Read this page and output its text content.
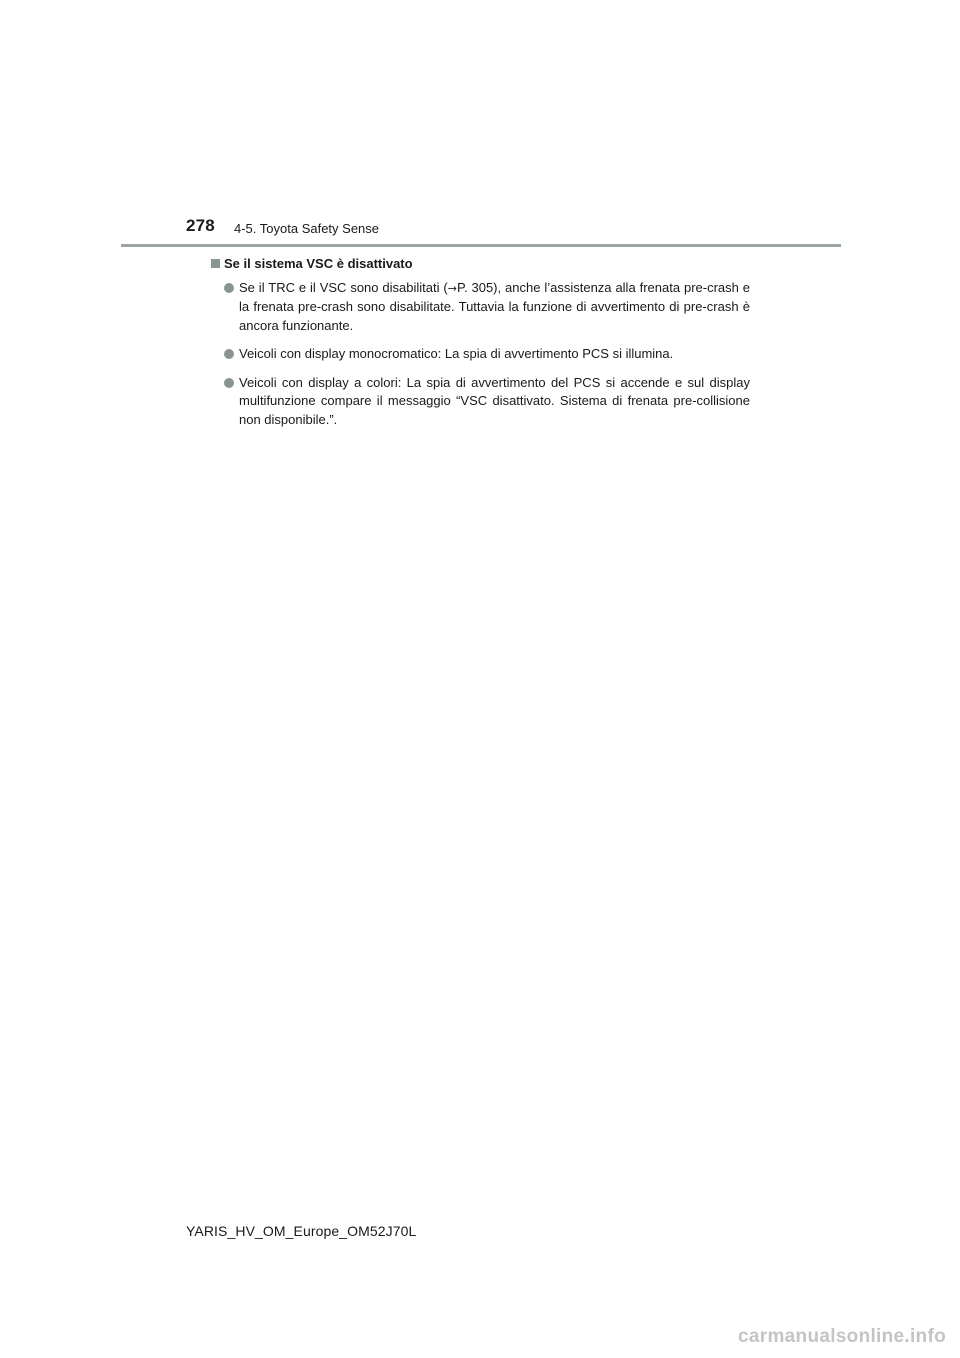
278 4-5. Toyota Safety Sense
Se il sistema VSC è disattivato
Se il TRC e il VSC sono disabilitati (→P. 305), anche l’assistenza alla frenata pre-crash e la frenata pre-crash sono disabilitate. Tuttavia la funzione di avvertimento di pre-crash è ancora funzionante.
Veicoli con display monocromatico: La spia di avvertimento PCS si illumina.
Veicoli con display a colori: La spia di avvertimento del PCS si accende e sul display multifunzione compare il messaggio “VSC disattivato. Sistema di frenata pre-collisione non disponibile.”.
YARIS_HV_OM_Europe_OM52J70L
carmanualsonline.info
